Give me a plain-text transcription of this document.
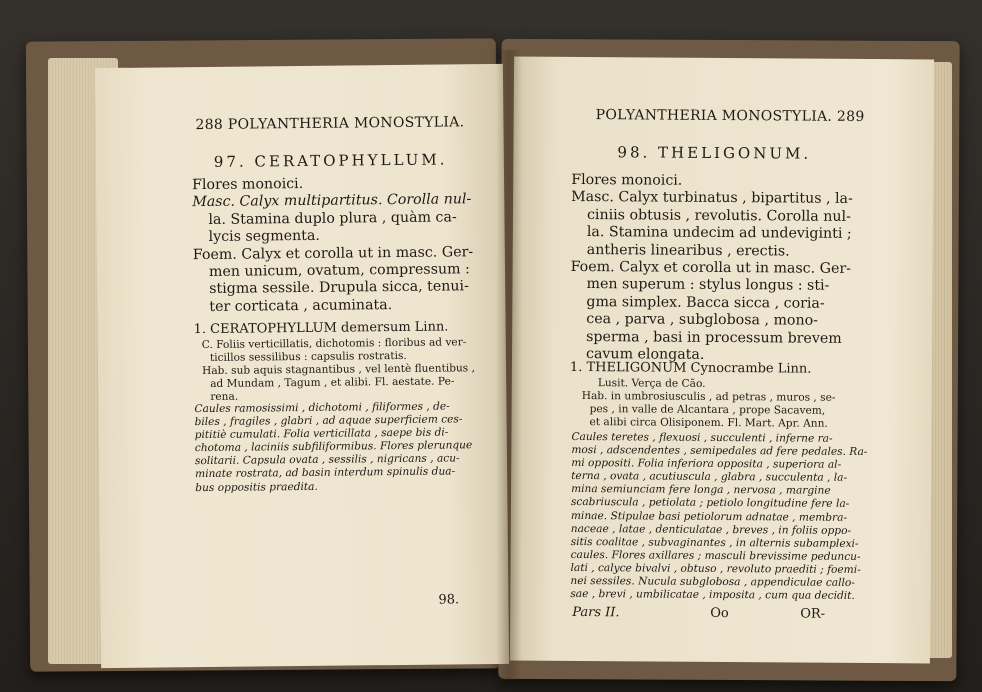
288 POLYANTHERIA MONOSTYLIA.
97. CERATOPHYLLUM.
Flores monoici.
Masc. Calyx multipartitus. Corolla nul-
la. Stamina duplo plura , quàm ca-
lycis segmenta.
Foem. Calyx et corolla ut in masc. Ger-
men unicum, ovatum, compressum :
stigma sessile. Drupula sicca, tenui-
ter corticata , acuminata.
1. CERATOPHYLLUM demersum Linn.
C. Foliis verticillatis, dichotomis : floribus ad ver-
ticillos sessilibus : capsulis rostratis.
Hab. sub aquis stagnantibus , vel lentè fluentibus ,
ad Mundam , Tagum , et alibi. Fl. aestate. Pe-
rena.
Caules ramosissimi , dichotomi , filiformes , de-
biles , fragiles , glabri , ad aquae superficiem ces-
pititiè cumulati. Folia verticillata , saepe bis di-
chotoma , laciniis subfiliformibus. Flores plerunque
solitarii. Capsula ovata , sessilis , nigricans , acu-
minate rostrata, ad basin interdum spinulis dua-
bus oppositis praedita.
98.
POLYANTHERIA MONOSTYLIA. 289
98. THELIGONUM.
Flores monoici.
Masc. Calyx turbinatus , bipartitus , la-
ciniis obtusis , revolutis. Corolla nul-
la. Stamina undecim ad undeviginti ;
antheris linearibus , erectis.
Foem. Calyx et corolla ut in masc. Ger-
men superum : stylus longus : sti-
gma simplex. Bacca sicca , coria-
cea , parva , subglobosa , mono-
sperma , basi in processum brevem
cavum elongata.
1. THELIGONUM Cynocrambe Linn.
Lusit. Verça de Cão.
Hab. in umbrosiusculis , ad petras , muros , se-
pes , in valle de Alcantara , prope Sacavem,
et alibi circa Olisiponem. Fl. Mart. Apr. Ann.
Caules teretes , flexuosi , succulenti , inferne ra-
mosi , adscendentes , semipedales ad fere pedales. Ra-
mi oppositi. Folia inferiora opposita , superiora al-
terna , ovata , acutiuscula , glabra , succulenta , la-
mina semiunciam fere longa , nervosa , margine
scabriuscula , petiolata ; petiolo longitudine fere la-
minae. Stipulae basi petiolorum adnatae , membra-
naceae , latae , denticulatae , breves , in foliis oppo-
sitis coalitae , subvaginantes , in alternis subamplexi-
caules. Flores axillares ; masculi brevissime peduncu-
lati , calyce bivalvi , obtuso , revoluto praediti ; foemi-
nei sessiles. Nucula subglobosa , appendiculae callo-
sae , brevi , umbilicatae , imposita , cum qua decidit.
Pars II.	Oo	OR-
